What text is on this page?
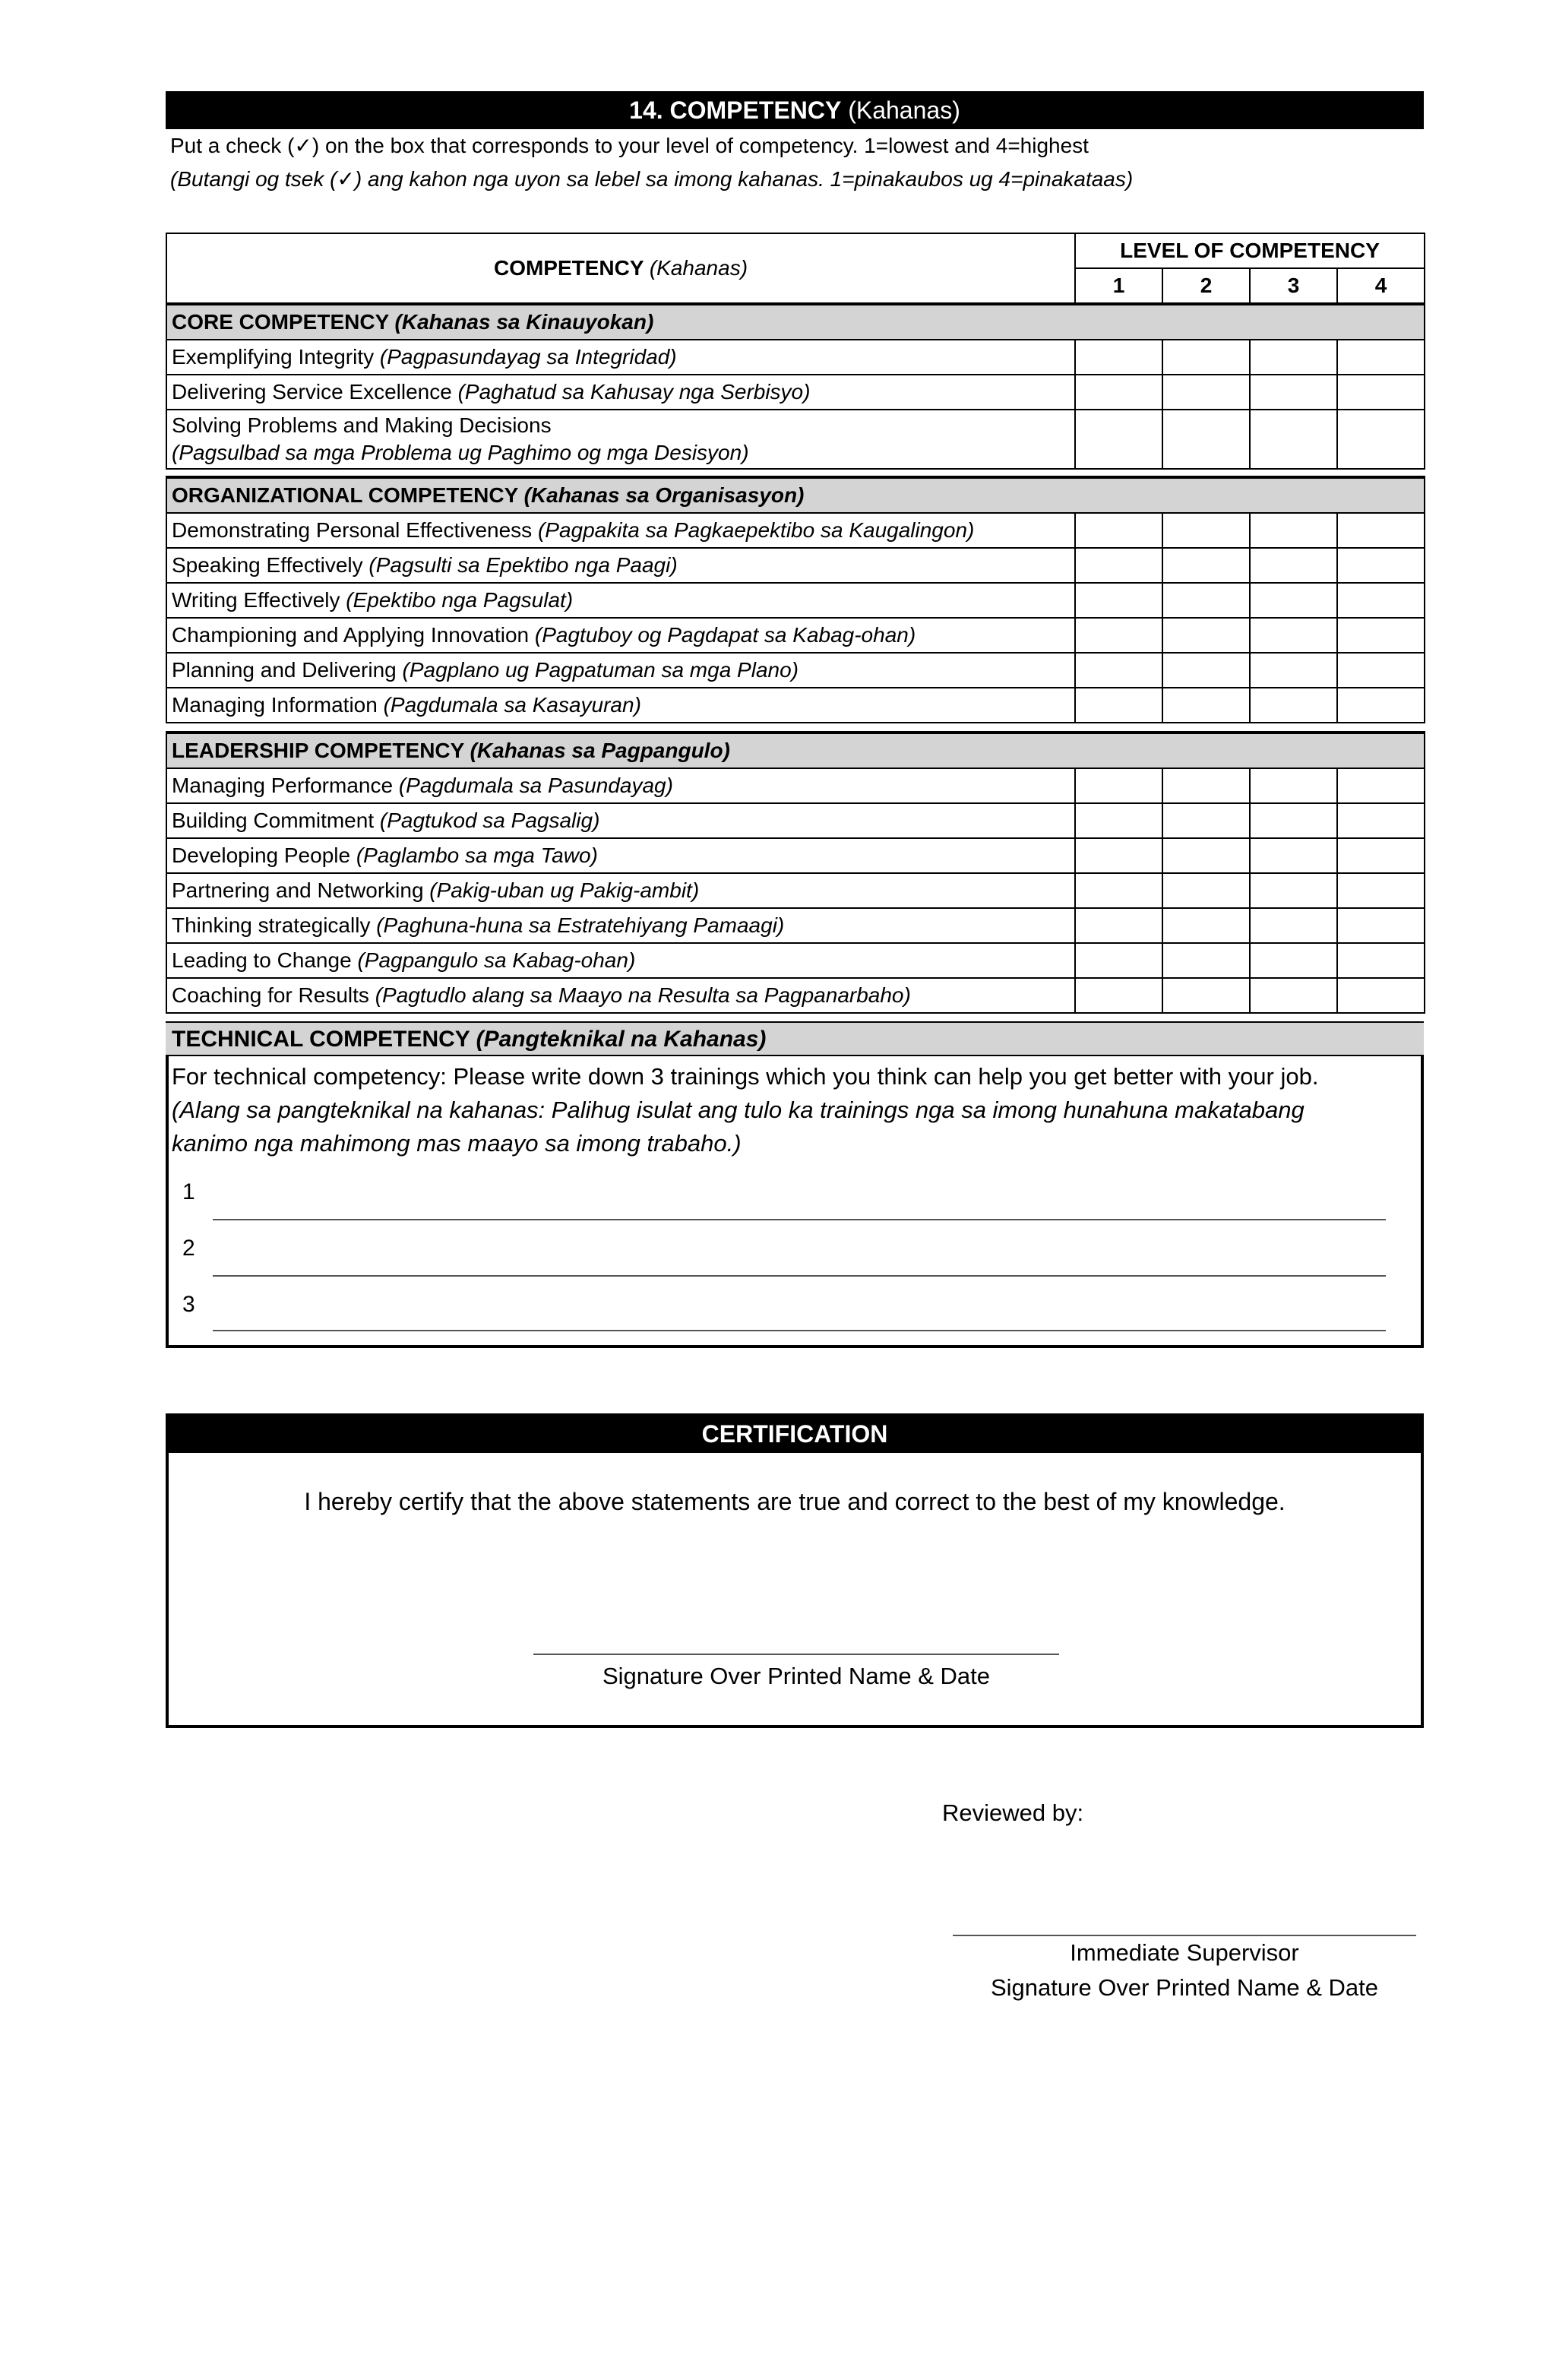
14. COMPETENCY (Kahanas)
Put a check (✓) on the box that corresponds to your level of competency. 1=lowest and 4=highest
(Butangi og tsek (✓) ang kahon nga uyon sa lebel sa imong kahanas. 1=pinakaubos ug 4=pinakataas)
COMPETENCY (Kahanas)	LEVEL OF COMPETENCY			
	1	2	3	4
CORE COMPETENCY (Kahanas sa Kinauyokan)				
Exemplifying Integrity (Pagpasundayag sa Integridad)				
Delivering Service Excellence (Paghatud sa Kahusay nga Serbisyo)				
Solving Problems and Making Decisions
(Pagsulbad sa mga Problema ug Paghimo og mga Desisyon)				
ORGANIZATIONAL COMPETENCY (Kahanas sa Organisasyon)				
Demonstrating Personal Effectiveness (Pagpakita sa Pagkaepektibo sa Kaugalingon)				
Speaking Effectively (Pagsulti sa Epektibo nga Paagi)				
Writing Effectively (Epektibo nga Pagsulat)				
Championing and Applying Innovation (Pagtuboy og Pagdapat sa Kabag-ohan)				
Planning and Delivering (Pagplano ug Pagpatuman sa mga Plano)				
Managing Information (Pagdumala sa Kasayuran)				
LEADERSHIP COMPETENCY (Kahanas sa Pagpangulo)				
Managing Performance (Pagdumala sa Pasundayag)				
Building Commitment (Pagtukod sa Pagsalig)				
Developing People (Paglambo sa mga Tawo)				
Partnering and Networking (Pakig-uban ug Pakig-ambit)				
Thinking strategically (Paghuna-huna sa Estratehiyang Pamaagi)				
Leading to Change (Pagpangulo sa Kabag-ohan)				
Coaching for Results (Pagtudlo alang sa Maayo na Resulta sa Pagpanarbaho)				
TECHNICAL COMPETENCY (Pangteknikal na Kahanas)
For technical competency: Please write down 3 trainings which you think can help you get better with your job.
(Alang sa pangteknikal na kahanas: Palihug isulat ang tulo ka trainings nga sa imong hunahuna makatabang
kanimo nga mahimong mas maayo sa imong trabaho.)
1
2
3
CERTIFICATION
I hereby certify that the above statements are true and correct to the best of my knowledge.
Signature Over Printed Name & Date
Reviewed by:
Immediate Supervisor
Signature Over Printed Name & Date
